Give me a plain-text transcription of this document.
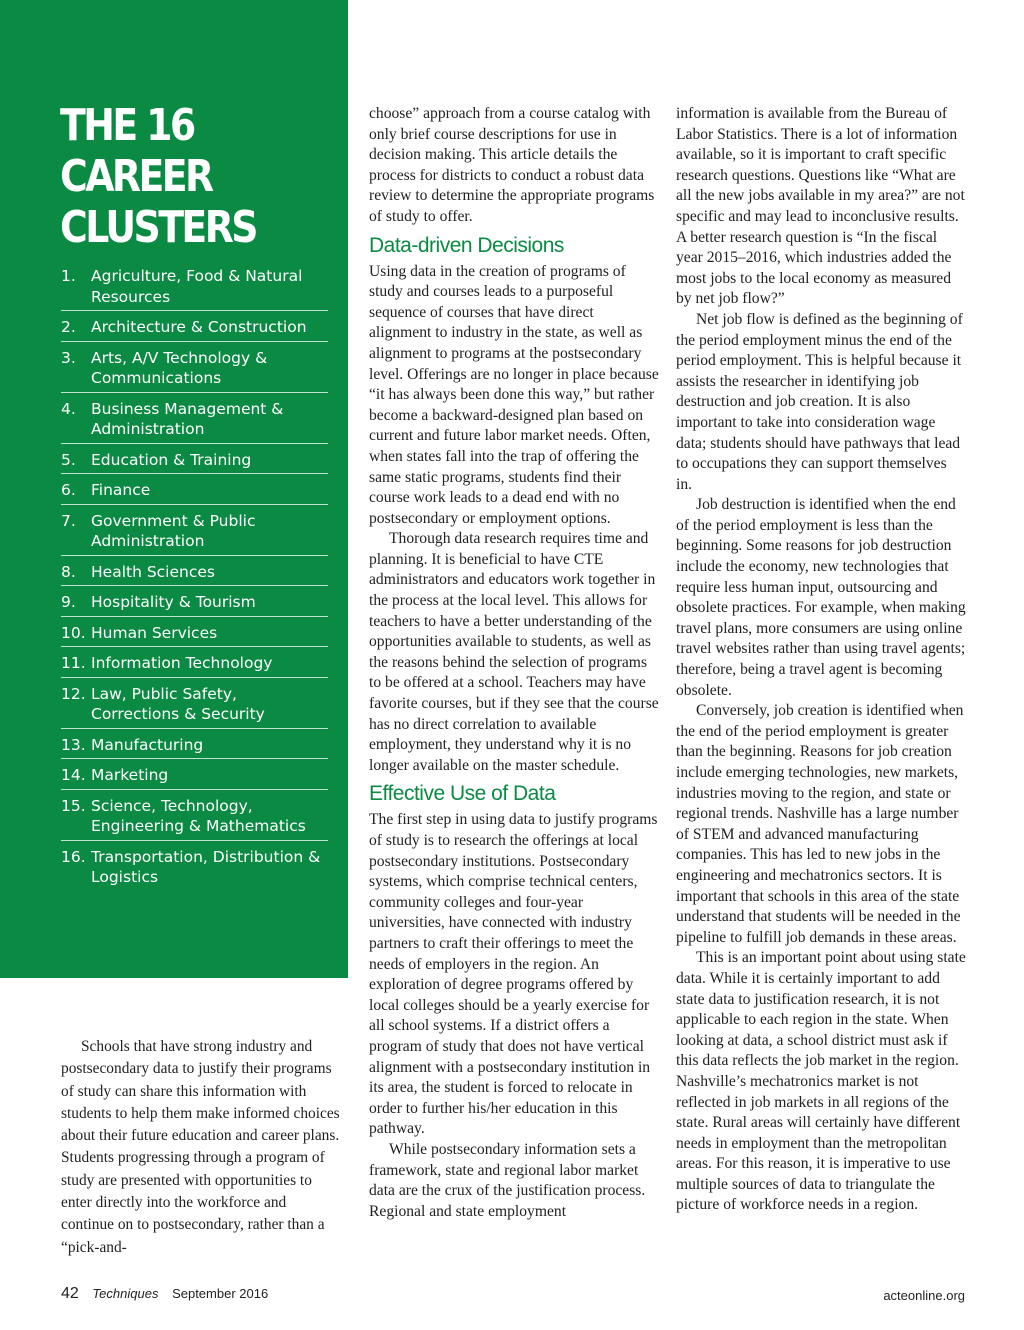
THE 16
CAREER
CLUSTERS
1. Agriculture, Food & Natural Resources
2. Architecture & Construction
3. Arts, A/V Technology & Communications
4. Business Management & Administration
5. Education & Training
6. Finance
7. Government & Public Administration
8. Health Sciences
9. Hospitality & Tourism
10. Human Services
11. Information Technology
12. Law, Public Safety, Corrections & Security
13. Manufacturing
14. Marketing
15. Science, Technology, Engineering & Mathematics
16. Transportation, Distribution & Logistics

Schools that have strong industry and postsecondary data to justify their programs of study can share this information with students to help them make informed choices about their future education and career plans. Students progressing through a program of study are presented with opportunities to enter directly into the workforce and continue on to postsecondary, rather than a “pick-and-

choose” approach from a course catalog with only brief course descriptions for use in decision making. This article details the process for districts to conduct a robust data review to determine the appropriate programs of study to offer.

Data-driven Decisions

Using data in the creation of programs of study and courses leads to a purposeful sequence of courses that have direct alignment to industry in the state, as well as alignment to programs at the postsecondary level. Offerings are no longer in place because “it has always been done this way,” but rather become a backward-designed plan based on current and future labor market needs. Often, when states fall into the trap of offering the same static programs, students find their course work leads to a dead end with no postsecondary or employment options.

Thorough data research requires time and planning. It is beneficial to have CTE administrators and educators work together in the process at the local level. This allows for teachers to have a better understanding of the opportunities available to students, as well as the reasons behind the selection of programs to be offered at a school. Teachers may have favorite courses, but if they see that the course has no direct correlation to available employment, they understand why it is no longer available on the master schedule.

Effective Use of Data

The first step in using data to justify programs of study is to research the offerings at local postsecondary institutions. Postsecondary systems, which comprise technical centers, community colleges and four-year universities, have connected with industry partners to craft their offerings to meet the needs of employers in the region. An exploration of degree programs offered by local colleges should be a yearly exercise for all school systems. If a district offers a program of study that does not have vertical alignment with a postsecondary institution in its area, the student is forced to relocate in order to further his/her education in this pathway.

While postsecondary information sets a framework, state and regional labor market data are the crux of the justification process. Regional and state employment

information is available from the Bureau of Labor Statistics. There is a lot of information available, so it is important to craft specific research questions. Questions like “What are all the new jobs available in my area?” are not specific and may lead to inconclusive results. A better research question is “In the fiscal year 2015–2016, which industries added the most jobs to the local economy as measured by net job flow?”

Net job flow is defined as the beginning of the period employment minus the end of the period employment. This is helpful because it assists the researcher in identifying job destruction and job creation. It is also important to take into consideration wage data; students should have pathways that lead to occupations they can support themselves in.

Job destruction is identified when the end of the period employment is less than the beginning. Some reasons for job destruction include the economy, new technologies that require less human input, outsourcing and obsolete practices. For example, when making travel plans, more consumers are using online travel websites rather than using travel agents; therefore, being a travel agent is becoming obsolete.

Conversely, job creation is identified when the end of the period employment is greater than the beginning. Reasons for job creation include emerging technologies, new markets, industries moving to the region, and state or regional trends. Nashville has a large number of STEM and advanced manufacturing companies. This has led to new jobs in the engineering and mechatronics sectors. It is important that schools in this area of the state understand that students will be needed in the pipeline to fulfill job demands in these areas.

This is an important point about using state data. While it is certainly important to add state data to justification research, it is not applicable to each region in the state. When looking at data, a school district must ask if this data reflects the job market in the region. Nashville’s mechatronics market is not reflected in job markets in all regions of the state. Rural areas will certainly have different needs in employment than the metropolitan areas. For this reason, it is imperative to use multiple sources of data to triangulate the picture of workforce needs in a region.

42 Techniques September 2016	acteonline.org
